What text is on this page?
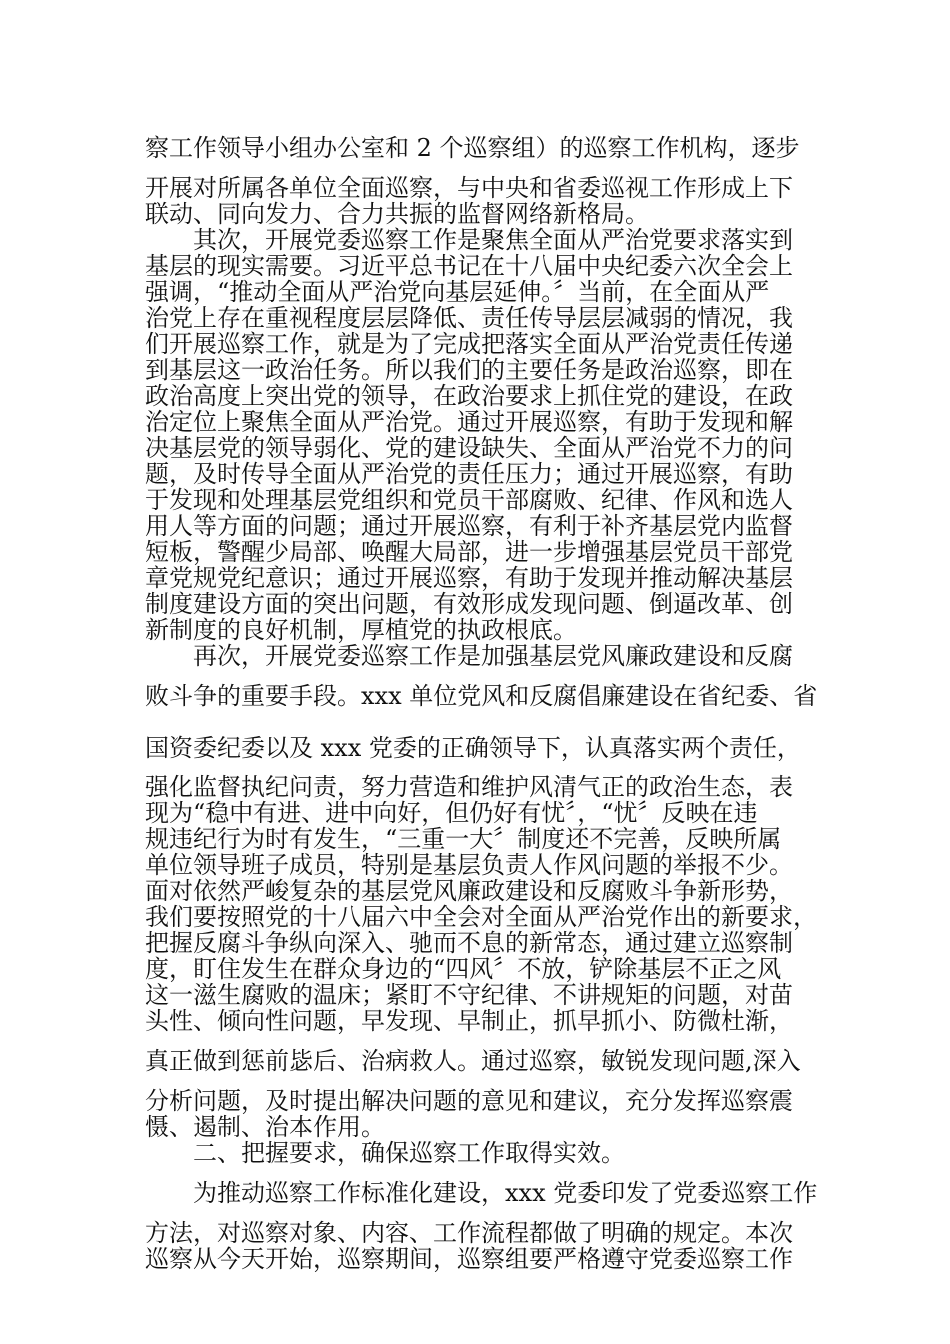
察工作领导小组办公室和 2 个巡察组）的巡察工作机构，逐步
开展对所属各单位全面巡察，与中央和省委巡视工作形成上下
联动、同向发力、合力共振的监督网络新格局。
其次，开展党委巡察工作是聚焦全面从严治党要求落实到
基层的现实需要。习近平总书记在十八届中央纪委六次全会上
强调，“推动全面从严治党向基层延伸。〞当前，在全面从严
治党上存在重视程度层层降低、责任传导层层减弱的情况，我
们开展巡察工作，就是为了完成把落实全面从严治党责任传递
到基层这一政治任务。所以我们的主要任务是政治巡察，即在
政治高度上突出党的领导，在政治要求上抓住党的建设，在政
治定位上聚焦全面从严治党。通过开展巡察，有助于发现和解
决基层党的领导弱化、党的建设缺失、全面从严治党不力的问
题，及时传导全面从严治党的责任压力；通过开展巡察，有助
于发现和处理基层党组织和党员干部腐败、纪律、作风和选人
用人等方面的问题；通过开展巡察，有利于补齐基层党内监督
短板，警醒少局部、唤醒大局部，进一步增强基层党员干部党
章党规党纪意识；通过开展巡察，有助于发现并推动解决基层
制度建设方面的突出问题，有效形成发现问题、倒逼改革、创
新制度的良好机制，厚植党的执政根底。
再次，开展党委巡察工作是加强基层党风廉政建设和反腐
败斗争的重要手段。xxx 单位党风和反腐倡廉建设在省纪委、省
国资委纪委以及 xxx 党委的正确领导下，认真落实两个责任，
强化监督执纪问责，努力营造和维护风清气正的政治生态，表
现为“稳中有进、进中向好，但仍好有忧〞，“忧〞反映在违
规违纪行为时有发生，“三重一大〞制度还不完善，反映所属
单位领导班子成员，特别是基层负责人作风问题的举报不少。
面对依然严峻复杂的基层党风廉政建设和反腐败斗争新形势，
我们要按照党的十八届六中全会对全面从严治党作出的新要求，
把握反腐斗争纵向深入、驰而不息的新常态，通过建立巡察制
度，盯住发生在群众身边的“四风〞不放，铲除基层不正之风
这一滋生腐败的温床；紧盯不守纪律、不讲规矩的问题，对苗
头性、倾向性问题，早发现、早制止，抓早抓小、防微杜渐，
真正做到惩前毖后、治病救人。通过巡察，敏锐发现问题,深入
分析问题，及时提出解决问题的意见和建议，充分发挥巡察震
慑、遏制、治本作用。
二、把握要求，确保巡察工作取得实效。
为推动巡察工作标准化建设，xxx 党委印发了党委巡察工作
方法，对巡察对象、内容、工作流程都做了明确的规定。本次
巡察从今天开始，巡察期间，巡察组要严格遵守党委巡察工作
